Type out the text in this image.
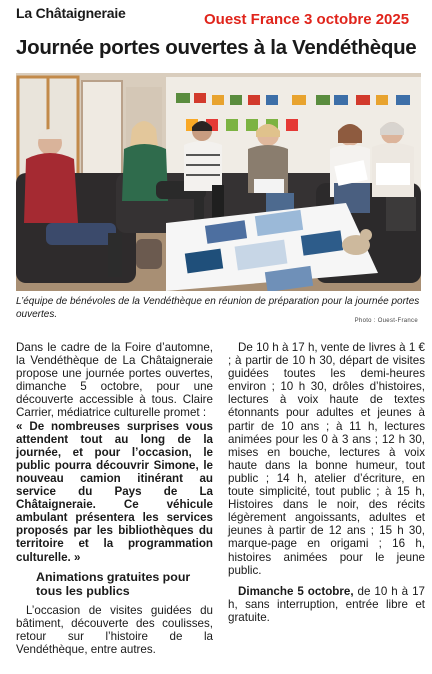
La Châtaigneraie	Ouest France 3 octobre 2025
Journée portes ouvertes à la Vendéthèque
L’équipe de bénévoles de la Vendéthèque en réunion de préparation pour la journée portes ouvertes.
Photo : Ouest-France

Dans le cadre de la Foire d’automne, la Vendéthèque de La Châtaigneraie propose une journée portes ouvertes, dimanche 5 octobre, pour une découverte accessible à tous. Claire Carrier, médiatrice culturelle promet :

« De nombreuses surprises vous attendent tout au long de la journée, et pour l’occasion, le public pourra découvrir Simone, le nouveau camion itinérant au service du Pays de La Châtaigneraie. Ce véhicule ambulant présentera les services proposés par les bibliothèques du territoire et la programmation culturelle. »

Animations gratuites pour tous les publics

L’occasion de visites guidées du bâtiment, découverte des coulisses, retour sur l’histoire de la Vendéthèque, entre autres.

De 10 h à 17 h, vente de livres à 1 € ; à partir de 10 h 30, départ de visites guidées toutes les demi-heures environ ; 10 h 30, drôles d’histoires, lectures à voix haute de textes étonnants pour adultes et jeunes à partir de 10 ans ; à 11 h, lectures animées pour les 0 à 3 ans ; 12 h 30, mises en bouche, lectures à voix haute dans la bonne humeur, tout public ; 14 h, atelier d’écriture, en toute simplicité, tout public ; à 15 h, Histoires dans le noir, des récits légèrement angoissants, adultes et jeunes à partir de 12 ans ; 15 h 30, marque-page en origami ; 16 h, histoires animées pour le jeune public.

Dimanche 5 octobre, de 10 h à 17 h, sans interruption, entrée libre et gratuite.
